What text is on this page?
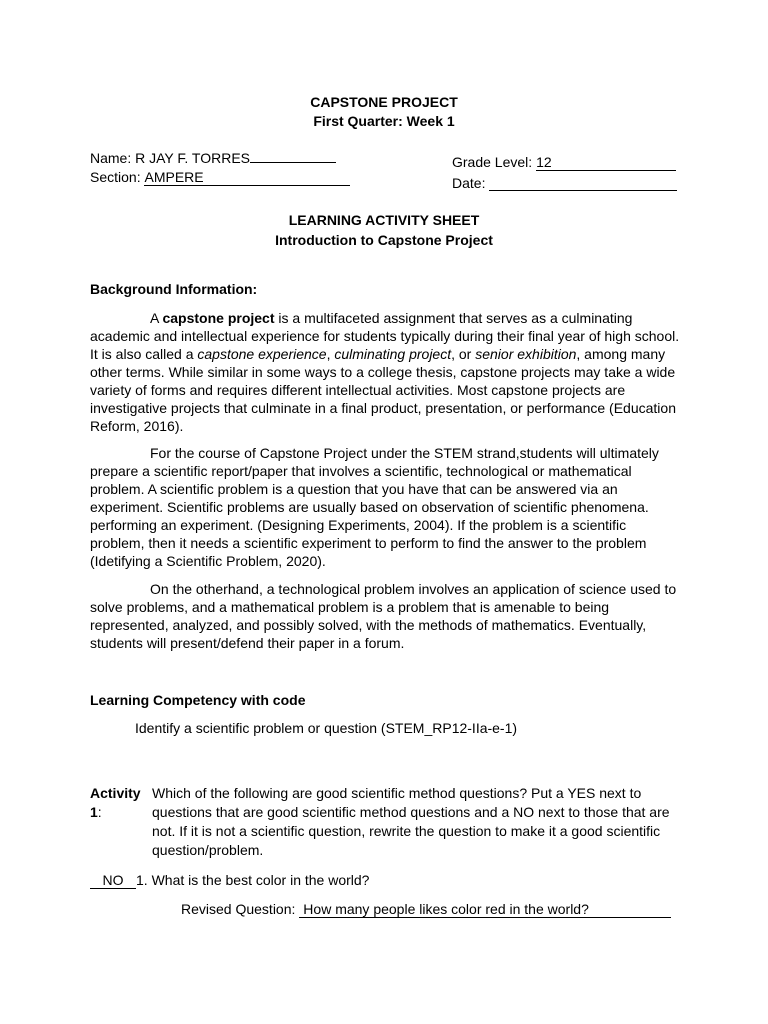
CAPSTONE PROJECT
First Quarter: Week 1
Name: R JAY F. TORRES
Section: AMPERE
Grade Level: 12
Date:
LEARNING ACTIVITY SHEET
Introduction to Capstone Project
Background Information:
A capstone project is a multifaceted assignment that serves as a culminating academic and intellectual experience for students typically during their final year of high school. It is also called a capstone experience, culminating project, or senior exhibition, among many other terms. While similar in some ways to a college thesis, capstone projects may take a wide variety of forms and requires different intellectual activities. Most capstone projects are investigative projects that culminate in a final product, presentation, or performance (Education Reform, 2016).
For the course of Capstone Project under the STEM strand,students will ultimately prepare a scientific report/paper that involves a scientific, technological or mathematical problem. A scientific problem is a question that you have that can be answered via an experiment. Scientific problems are usually based on observation of scientific phenomena. performing an experiment. (Designing Experiments, 2004). If the problem is a scientific problem, then it needs a scientific experiment to perform to find the answer to the problem (Idetifying a Scientific Problem, 2020).
On the otherhand, a technological problem involves an application of science used to solve problems, and a mathematical problem is a problem that is amenable to being represented, analyzed, and possibly solved, with the methods of mathematics. Eventually, students will present/defend their paper in a forum.
Learning Competency with code
Identify a scientific problem or question (STEM_RP12-IIa-e-1)
Activity 1:
Which of the following are good scientific method questions? Put a YES next to questions that are good scientific method questions and a NO next to those that are not. If it is not a scientific question, rewrite the question to make it a good scientific question/problem.
NO 1. What is the best color in the world?
Revised Question: How many people likes color red in the world?
